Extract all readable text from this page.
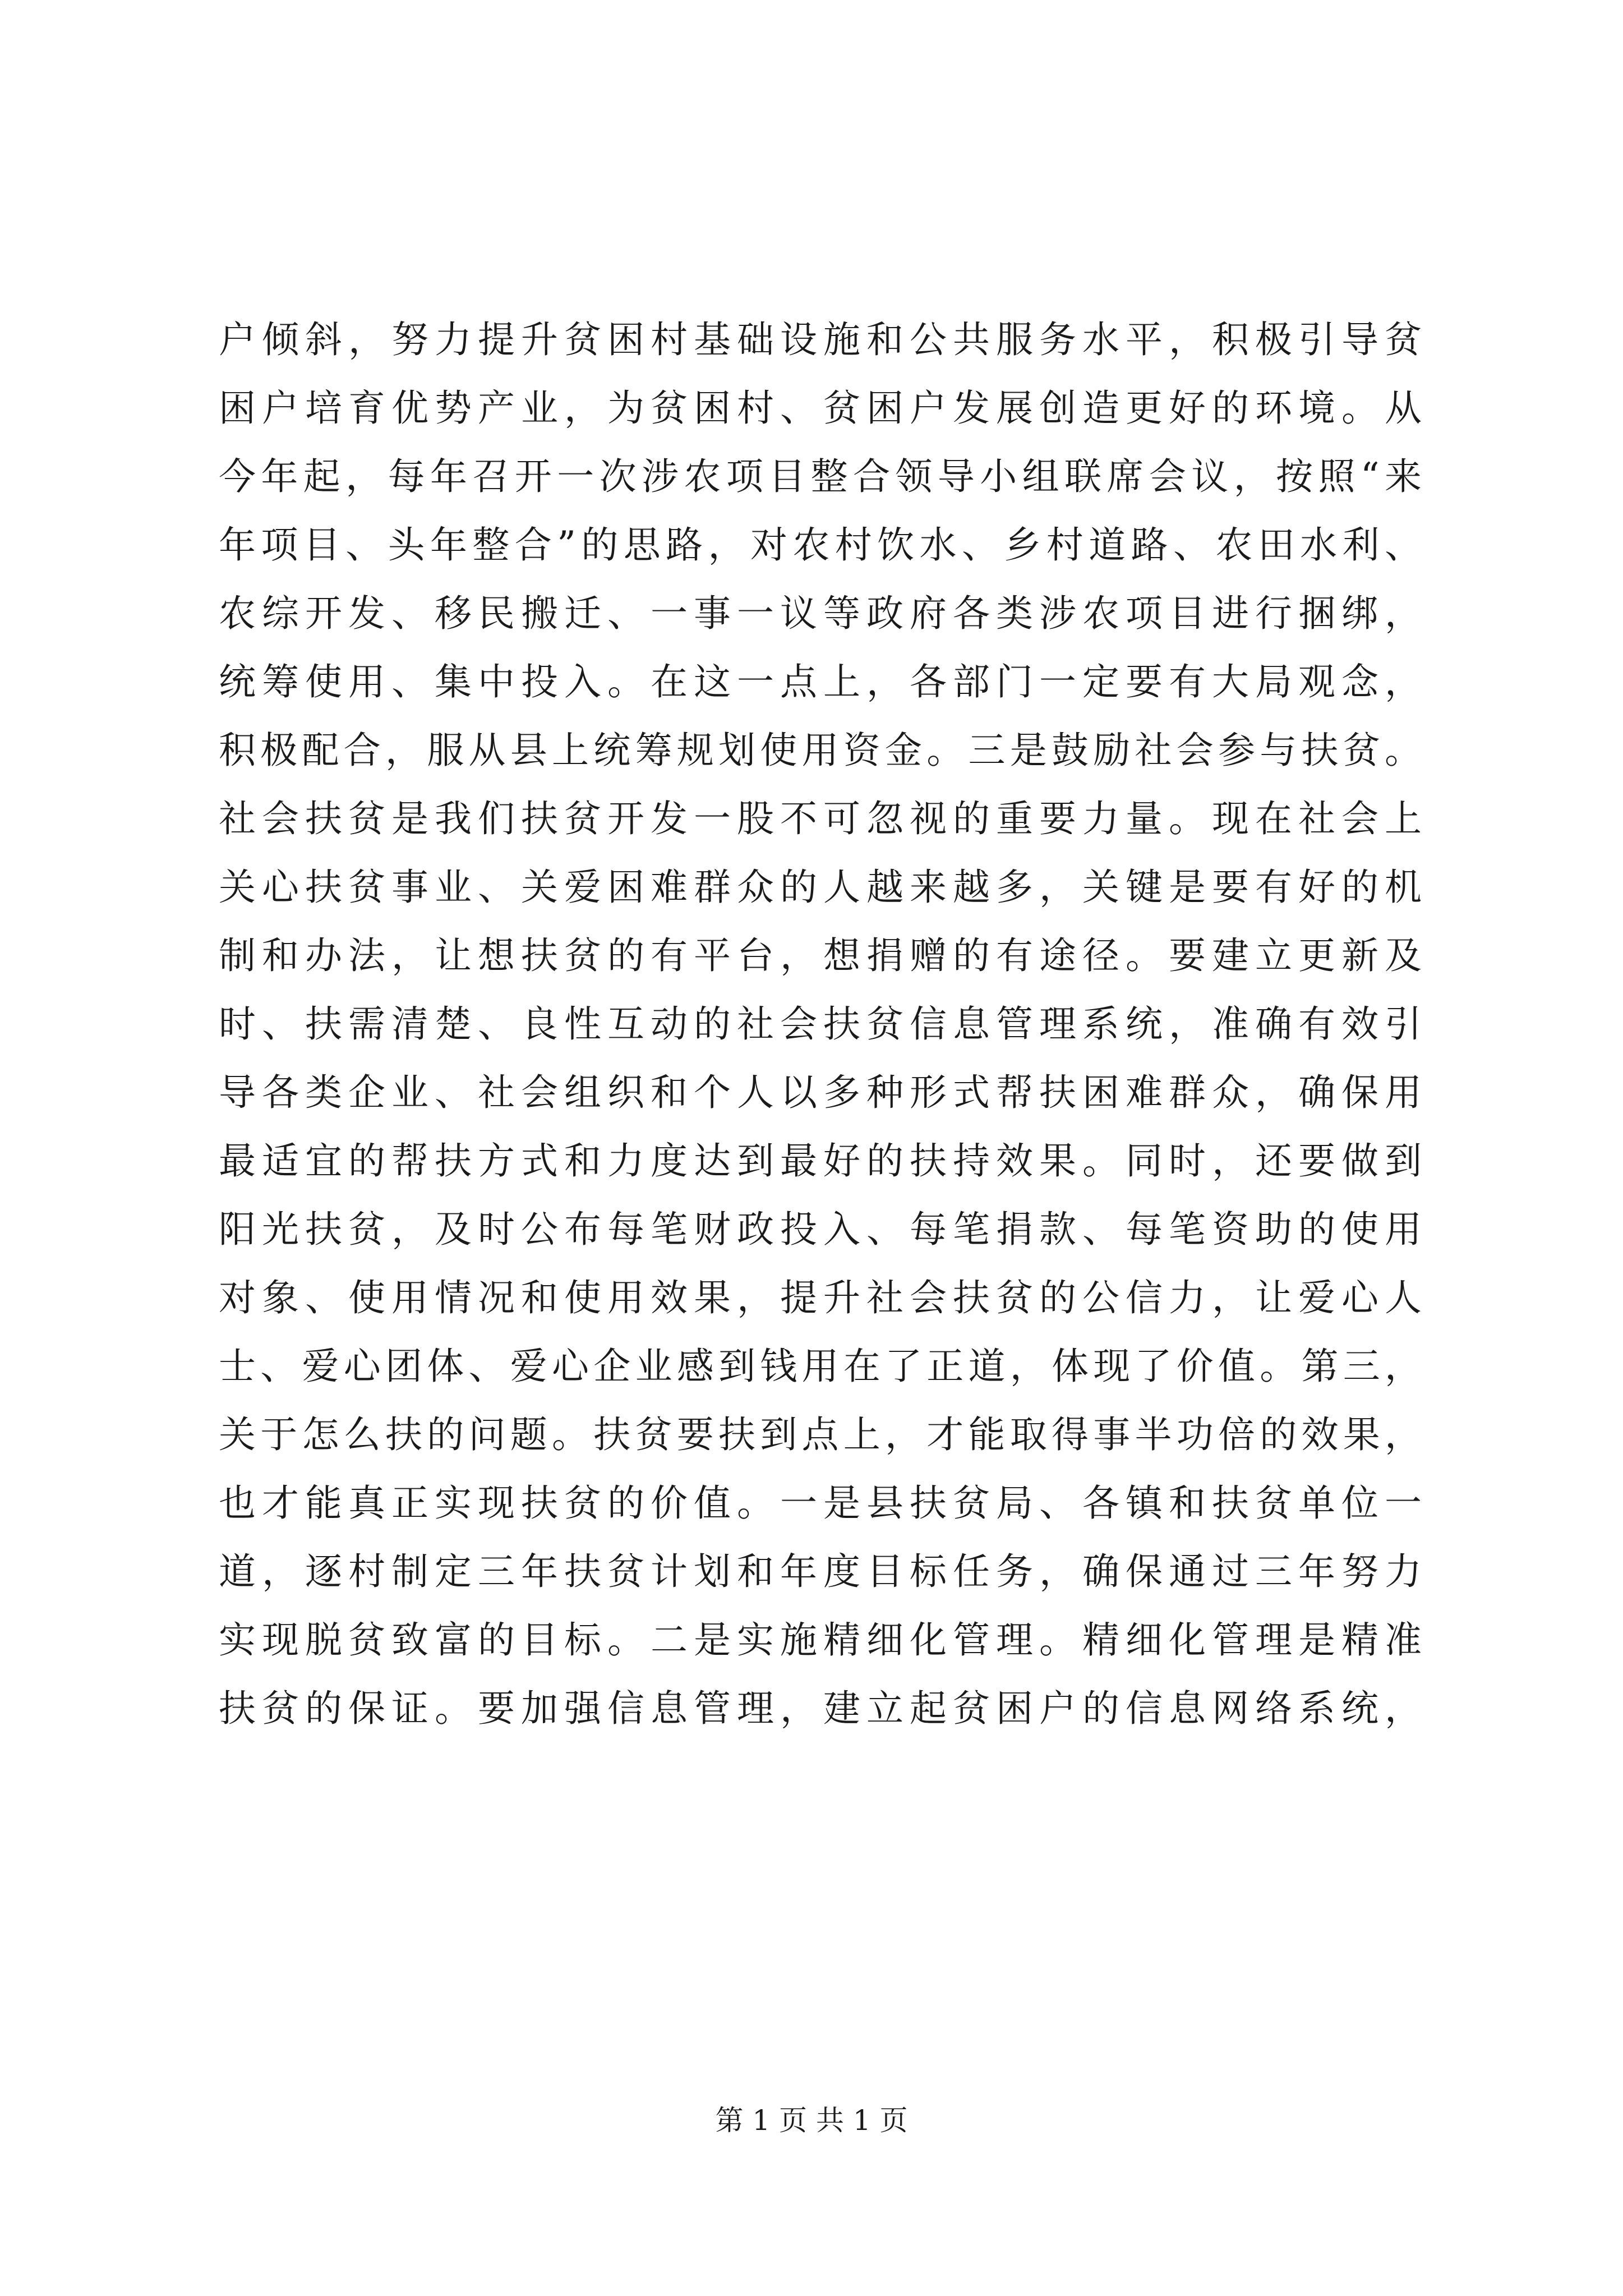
户倾斜，努力提升贫困村基础设施和公共服务水平，积极引导贫
困户培育优势产业，为贫困村、贫困户发展创造更好的环境。从
今年起，每年召开一次涉农项目整合领导小组联席会议，按照“来
年项目、头年整合”的思路，对农村饮水、乡村道路、农田水利、
农综开发、移民搬迁、一事一议等政府各类涉农项目进行捆绑，
统筹使用、集中投入。在这一点上，各部门一定要有大局观念，
积极配合，服从县上统筹规划使用资金。三是鼓励社会参与扶贫。
社会扶贫是我们扶贫开发一股不可忽视的重要力量。现在社会上
关心扶贫事业、关爱困难群众的人越来越多，关键是要有好的机
制和办法，让想扶贫的有平台，想捐赠的有途径。要建立更新及
时、扶需清楚、良性互动的社会扶贫信息管理系统，准确有效引
导各类企业、社会组织和个人以多种形式帮扶困难群众，确保用
最适宜的帮扶方式和力度达到最好的扶持效果。同时，还要做到
阳光扶贫，及时公布每笔财政投入、每笔捐款、每笔资助的使用
对象、使用情况和使用效果，提升社会扶贫的公信力，让爱心人
士、爱心团体、爱心企业感到钱用在了正道，体现了价值。第三，
关于怎么扶的问题。扶贫要扶到点上，才能取得事半功倍的效果，
也才能真正实现扶贫的价值。一是县扶贫局、各镇和扶贫单位一
道，逐村制定三年扶贫计划和年度目标任务，确保通过三年努力
实现脱贫致富的目标。二是实施精细化管理。精细化管理是精准
扶贫的保证。要加强信息管理，建立起贫困户的信息网络系统，
第 1 页 共 1 页
